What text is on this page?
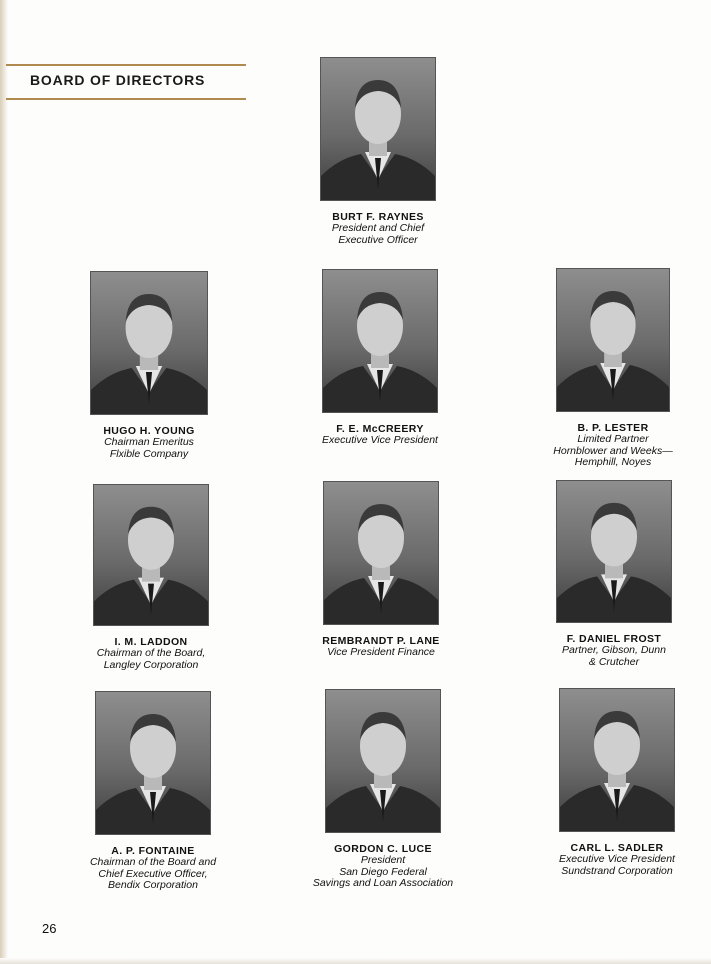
BOARD OF DIRECTORS
BURT F. RAYNES
President and Chief
Executive Officer
HUGO H. YOUNG
Chairman Emeritus
Flxible Company
F. E. McCREERY
Executive Vice President
B. P. LESTER
Limited Partner
Hornblower and Weeks—
Hemphill, Noyes
I. M. LADDON
Chairman of the Board,
Langley Corporation
REMBRANDT P. LANE
Vice President Finance
F. DANIEL FROST
Partner, Gibson, Dunn
& Crutcher
A. P. FONTAINE
Chairman of the Board and
Chief Executive Officer,
Bendix Corporation
GORDON C. LUCE
President
San Diego Federal
Savings and Loan Association
CARL L. SADLER
Executive Vice President
Sundstrand Corporation
26
